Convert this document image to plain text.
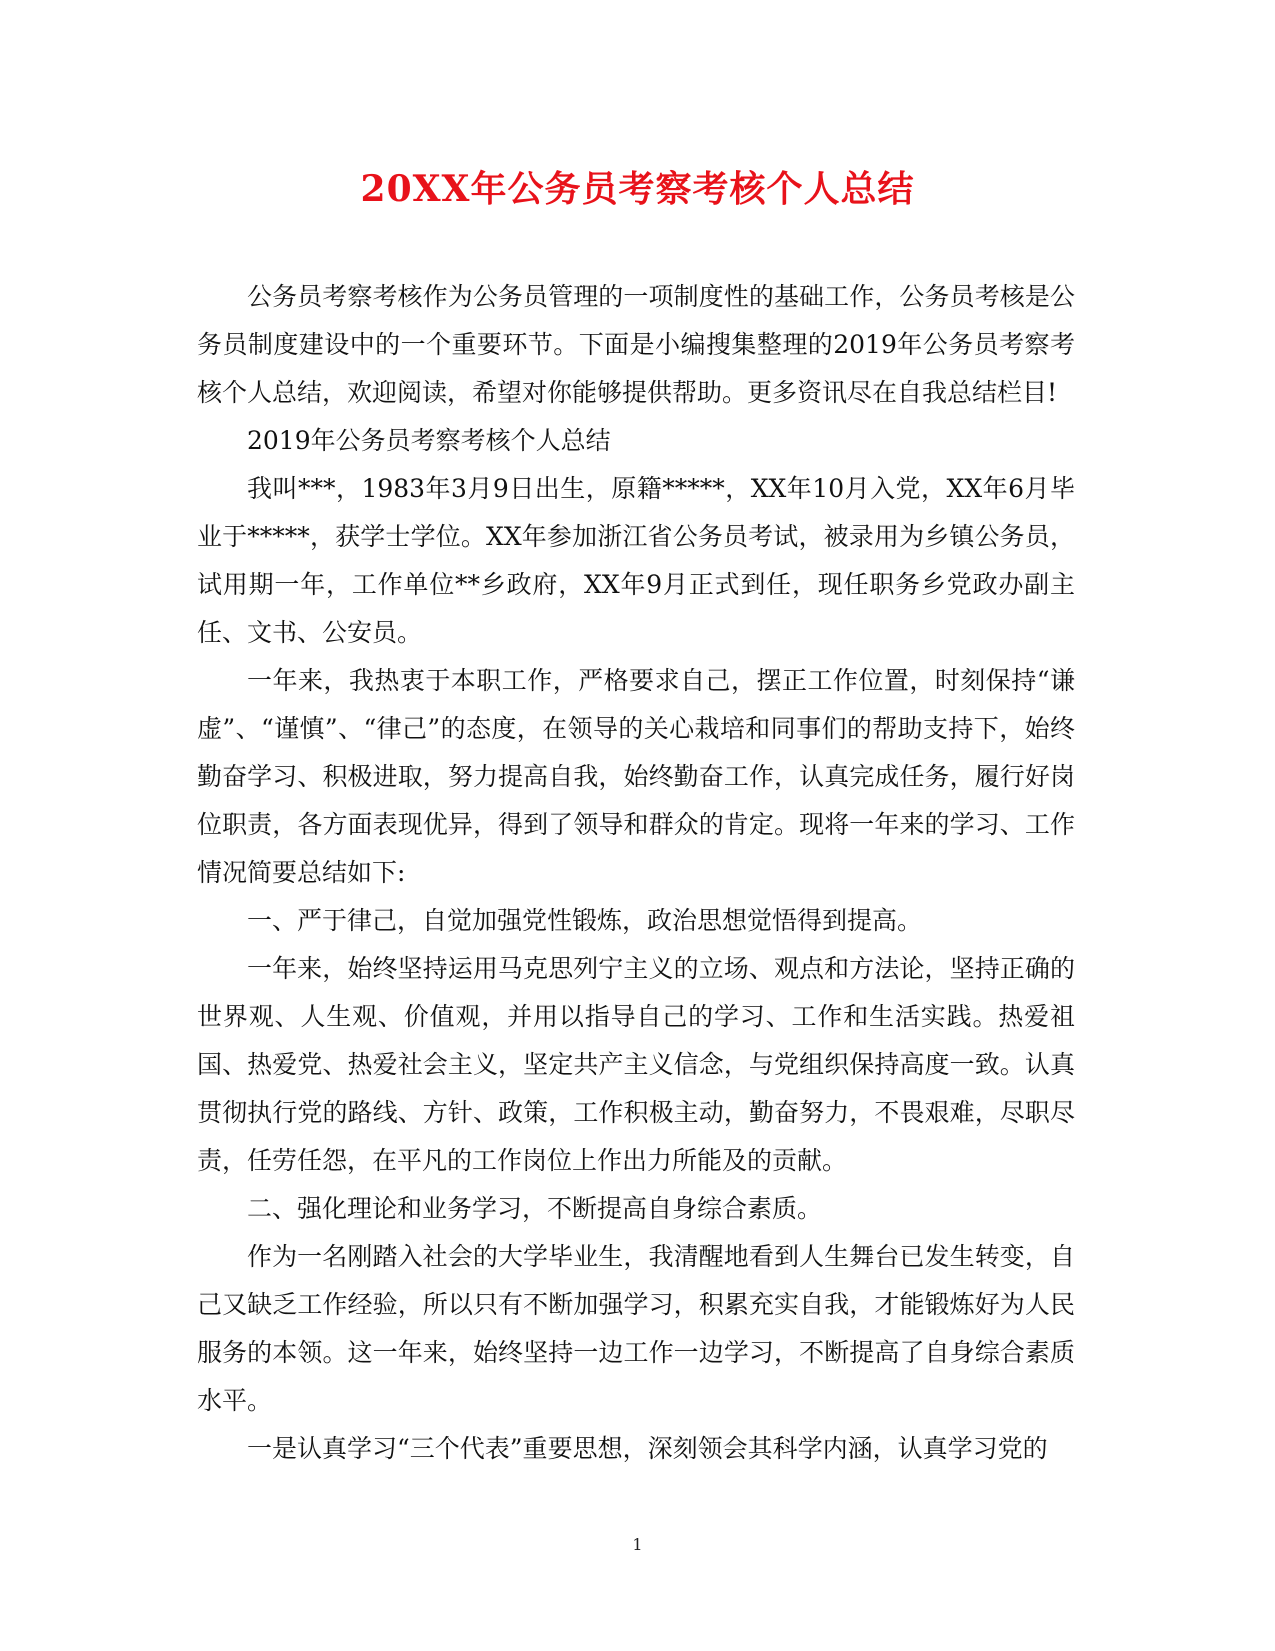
20XX年公务员考察考核个人总结

公务员考察考核作为公务员管理的一项制度性的基础工作，公务员考核是公务员制度建设中的一个重要环节。下面是小编搜集整理的2019年公务员考察考核个人总结，欢迎阅读，希望对你能够提供帮助。更多资讯尽在自我总结栏目!

2019年公务员考察考核个人总结

我叫***，1983年3月9日出生，原籍*****，XX年10月入党，XX年6月毕业于*****，获学士学位。XX年参加浙江省公务员考试，被录用为乡镇公务员，试用期一年，工作单位**乡政府，XX年9月正式到任，现任职务乡党政办副主任、文书、公安员。

一年来，我热衷于本职工作，严格要求自己，摆正工作位置，时刻保持“谦虚”、“谨慎”、“律己”的态度，在领导的关心栽培和同事们的帮助支持下，始终勤奋学习、积极进取，努力提高自我，始终勤奋工作，认真完成任务，履行好岗位职责，各方面表现优异，得到了领导和群众的肯定。现将一年来的学习、工作情况简要总结如下:

一、严于律己，自觉加强党性锻炼，政治思想觉悟得到提高。

一年来，始终坚持运用马克思列宁主义的立场、观点和方法论，坚持正确的世界观、人生观、价值观，并用以指导自己的学习、工作和生活实践。热爱祖国、热爱党、热爱社会主义，坚定共产主义信念，与党组织保持高度一致。认真贯彻执行党的路线、方针、政策，工作积极主动，勤奋努力，不畏艰难，尽职尽责，任劳任怨，在平凡的工作岗位上作出力所能及的贡献。

二、强化理论和业务学习，不断提高自身综合素质。

作为一名刚踏入社会的大学毕业生，我清醒地看到人生舞台已发生转变，自己又缺乏工作经验，所以只有不断加强学习，积累充实自我，才能锻炼好为人民服务的本领。这一年来，始终坚持一边工作一边学习，不断提高了自身综合素质水平。

一是认真学习“三个代表”重要思想，深刻领会其科学内涵，认真学习党的

1
